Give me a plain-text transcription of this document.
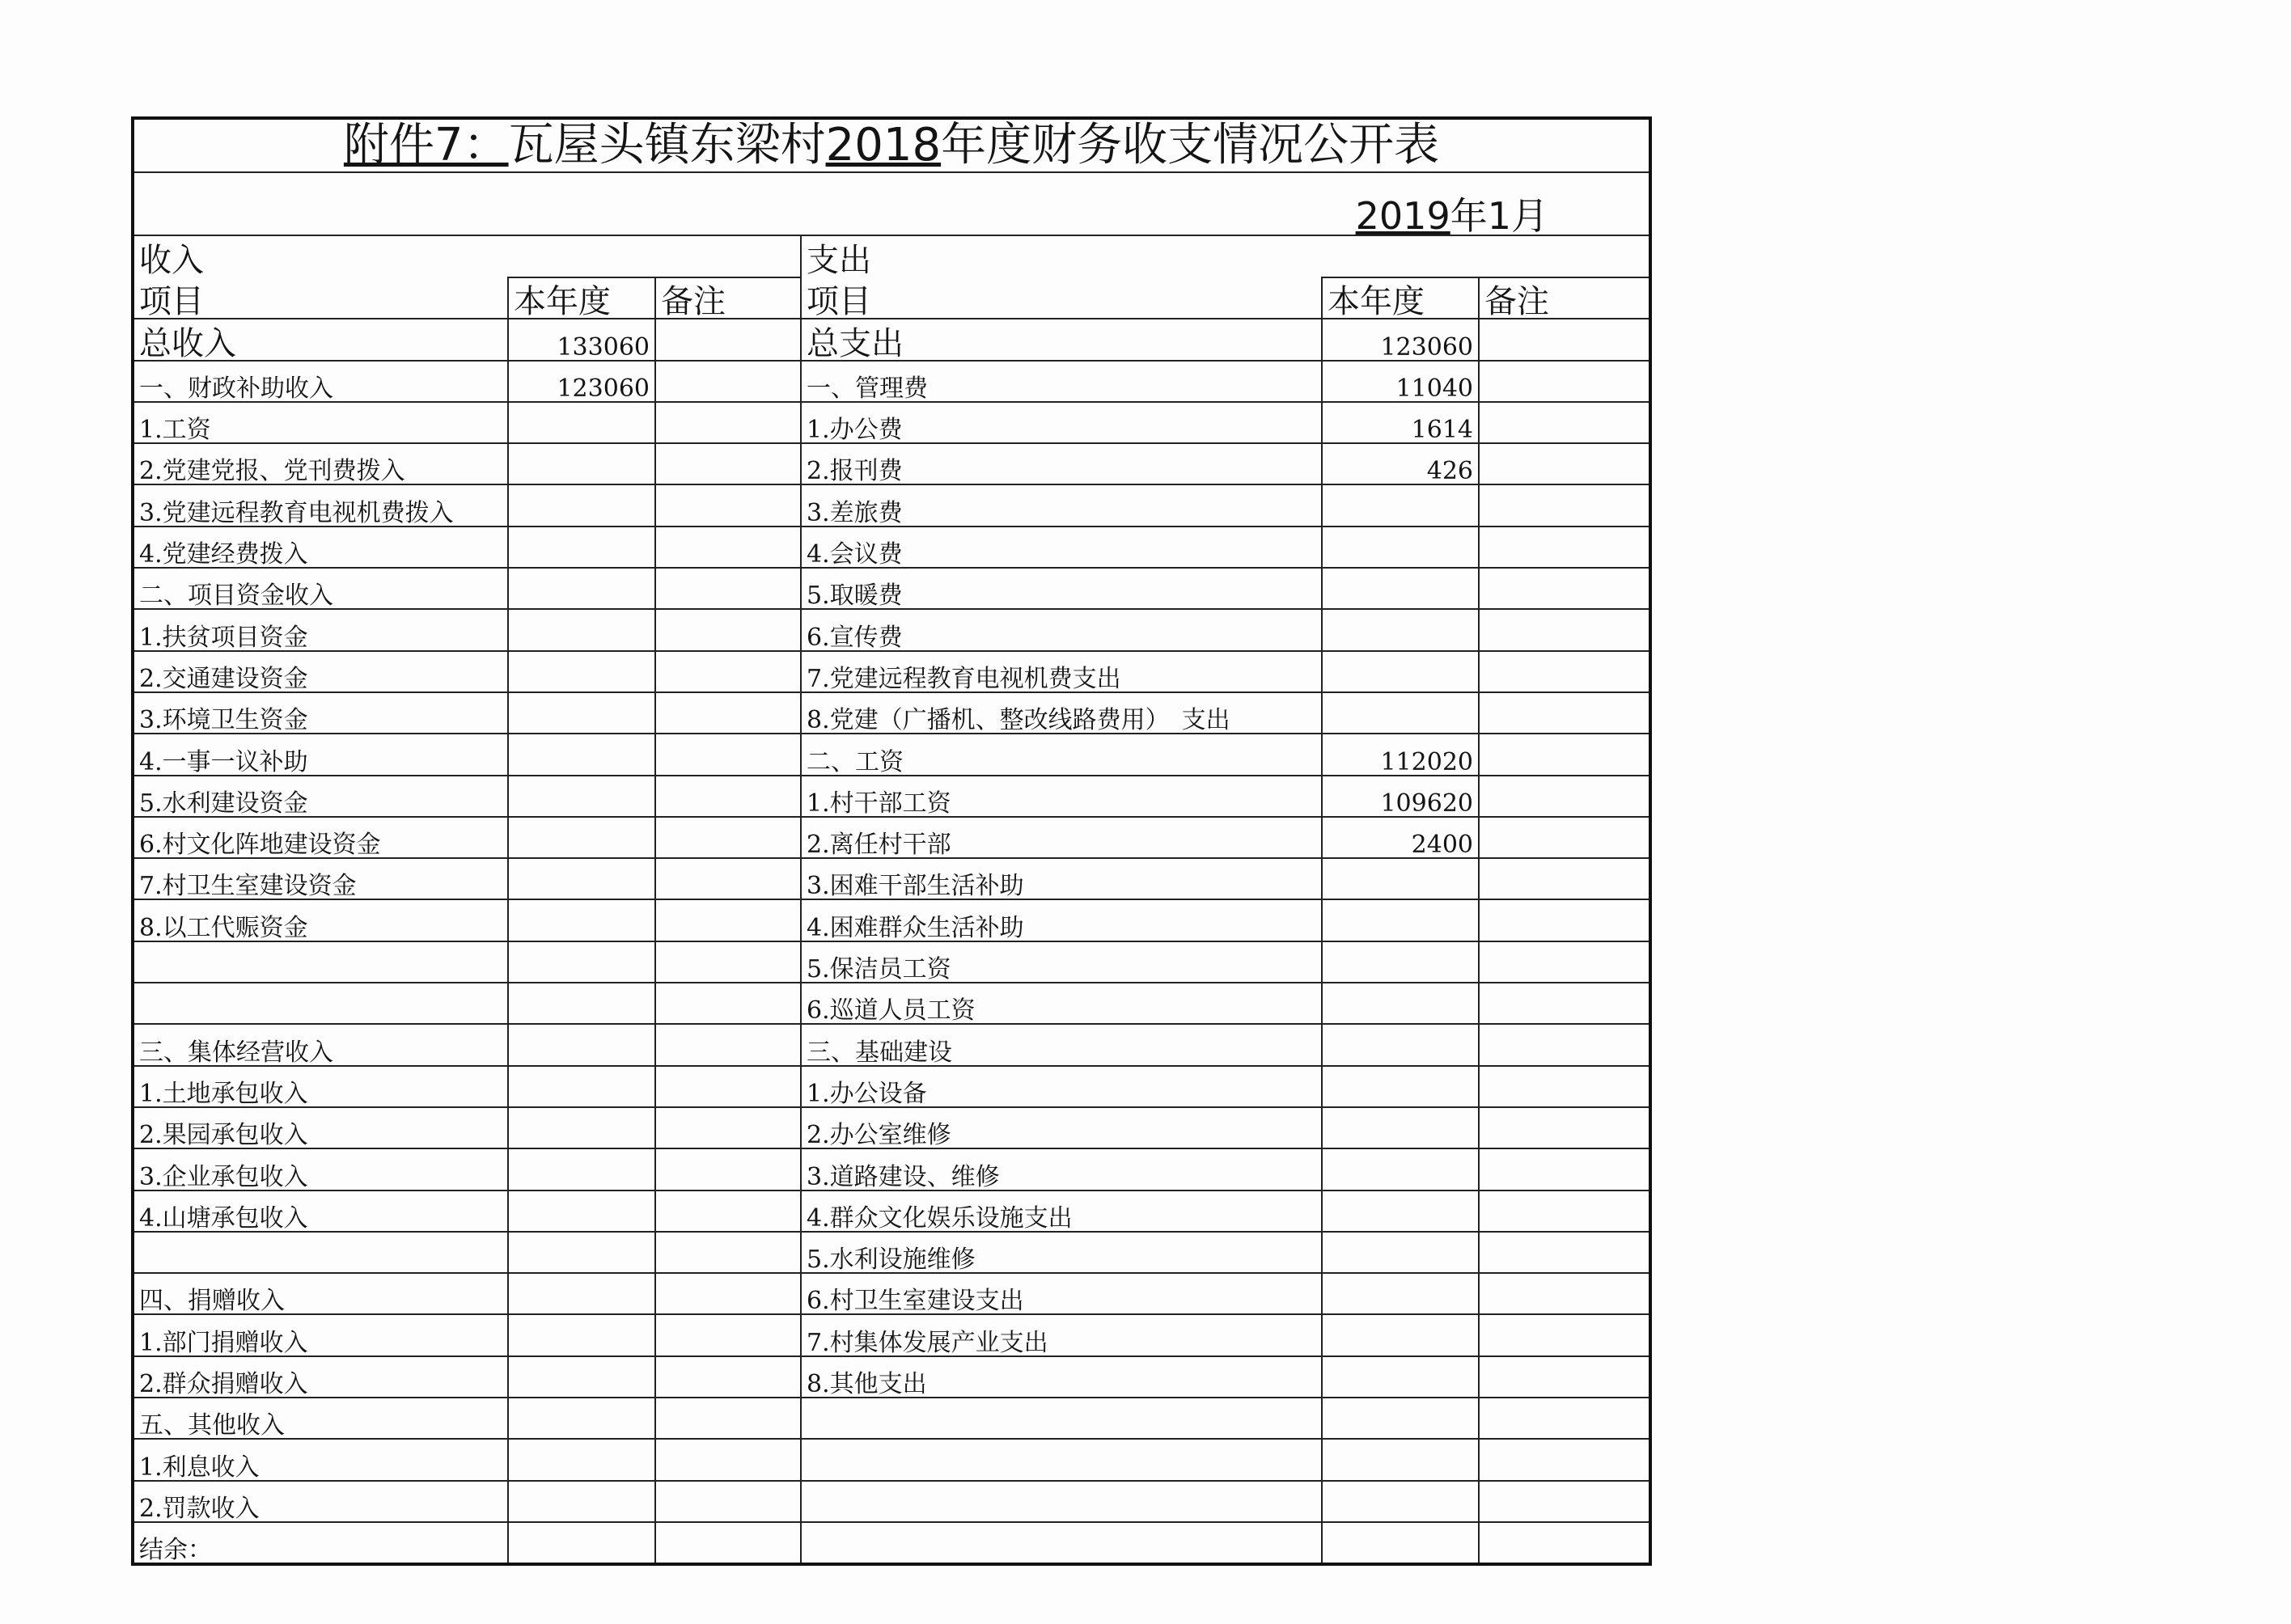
附件7：瓦屋头镇东梁村2018年度财务收支情况公开表					
2019年1月					
收入			支出		
项目	本年度	备注	项目	本年度	备注
总收入	133060		总支出	123060	
一、财政补助收入	123060		一、管理费	11040	
1.工资			1.办公费	1614	
2.党建党报、党刊费拨入			2.报刊费	426	
3.党建远程教育电视机费拨入			3.差旅费		
4.党建经费拨入			4.会议费		
二、项目资金收入			5.取暖费		
1.扶贫项目资金			6.宣传费		
2.交通建设资金			7.党建远程教育电视机费支出		
3.环境卫生资金			8.党建（广播机、整改线路费用）　支出		
4.一事一议补助			二、工资	112020	
5.水利建设资金			1.村干部工资	109620	
6.村文化阵地建设资金			2.离任村干部	2400	
7.村卫生室建设资金			3.困难干部生活补助		
8.以工代赈资金			4.困难群众生活补助		
			5.保洁员工资		
			6.巡道人员工资		
三、集体经营收入			三、基础建设		
1.土地承包收入			1.办公设备		
2.果园承包收入			2.办公室维修		
3.企业承包收入			3.道路建设、维修		
4.山塘承包收入			4.群众文化娱乐设施支出		
			5.水利设施维修		
四、捐赠收入			6.村卫生室建设支出		
1.部门捐赠收入			7.村集体发展产业支出		
2.群众捐赠收入			8.其他支出		
五、其他收入					
1.利息收入					
2.罚款收入					
结余：					
